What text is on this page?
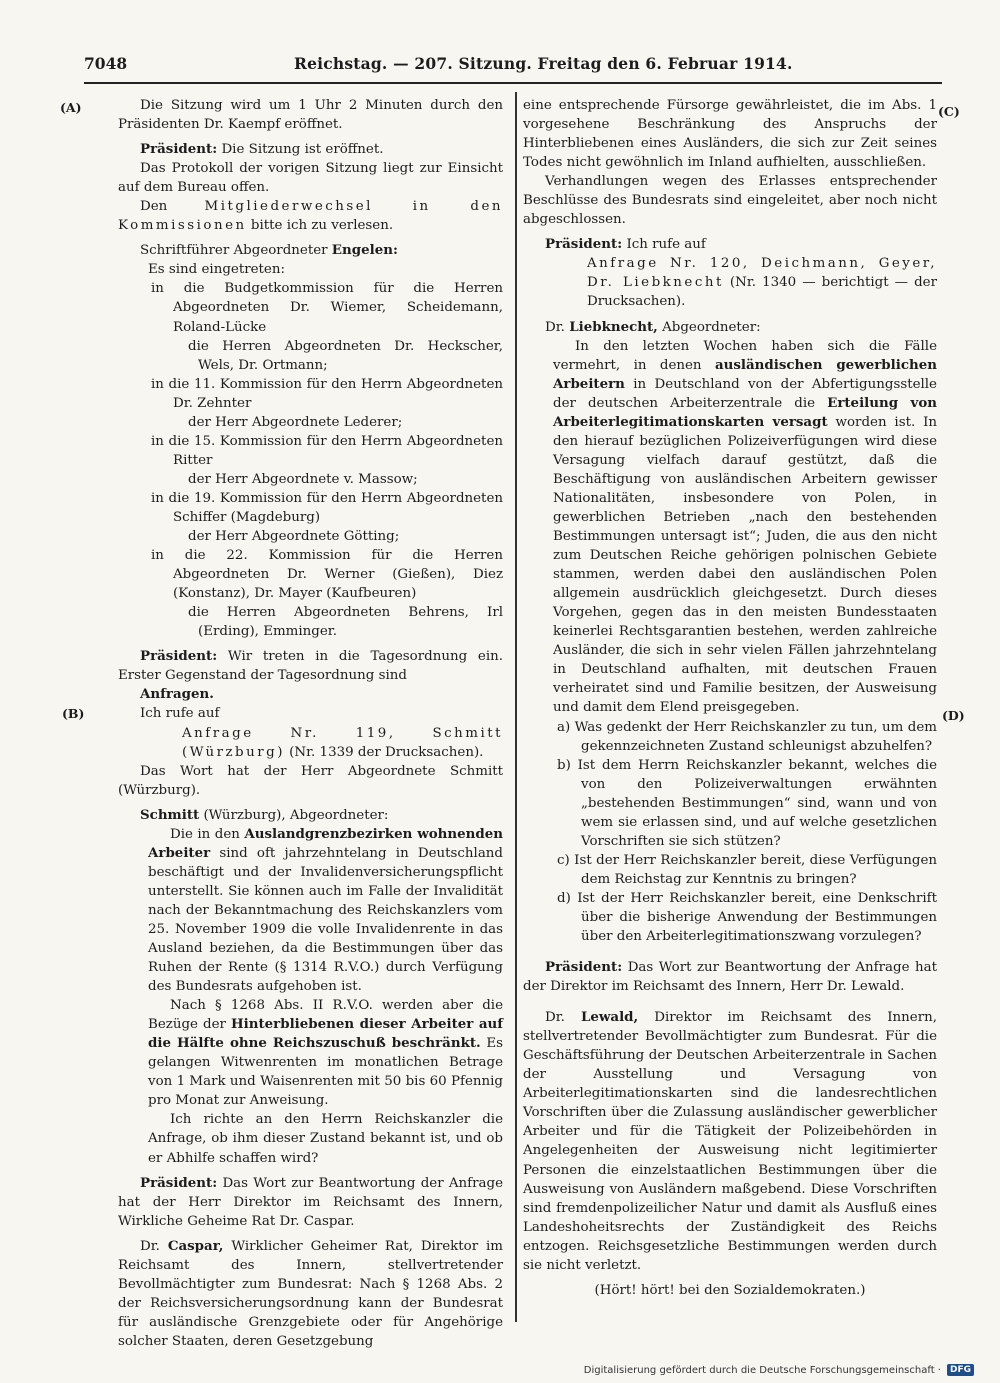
7048	Reichstag. — 207. Sitzung. Freitag den 6. Februar 1914.
(A)
(B)
(C)
(D)

Die Sitzung wird um 1 Uhr 2 Minuten durch den Präsidenten Dr. Kaempf eröffnet.

Präsident: Die Sitzung ist eröffnet.

Das Protokoll der vorigen Sitzung liegt zur Einsicht auf dem Bureau offen.

Den Mitgliederwechsel in den Kommissionen bitte ich zu verlesen.

Schriftführer Abgeordneter Engelen:

Es sind eingetreten:

in die Budgetkommission für die Herren Abgeordneten Dr. Wiemer, Scheidemann, Roland-Lücke

die Herren Abgeordneten Dr. Heckscher, Wels, Dr. Ortmann;

in die 11. Kommission für den Herrn Abgeordneten Dr. Zehnter

der Herr Abgeordnete Lederer;

in die 15. Kommission für den Herrn Abgeordneten Ritter

der Herr Abgeordnete v. Massow;

in die 19. Kommission für den Herrn Abgeordneten Schiffer (Magdeburg)

der Herr Abgeordnete Götting;

in die 22. Kommission für die Herren Abgeordneten Dr. Werner (Gießen), Diez (Konstanz), Dr. Mayer (Kaufbeuren)

die Herren Abgeordneten Behrens, Irl (Erding), Emminger.

Präsident: Wir treten in die Tagesordnung ein. Erster Gegenstand der Tagesordnung sind

Anfragen.

Ich rufe auf

Anfrage Nr. 119, Schmitt (Würzburg) (Nr. 1339 der Drucksachen).

Das Wort hat der Herr Abgeordnete Schmitt (Würzburg).

Schmitt (Würzburg), Abgeordneter:

Die in den Auslandgrenzbezirken wohnenden Arbeiter sind oft jahrzehntelang in Deutschland beschäftigt und der Invalidenversicherungspflicht unterstellt. Sie können auch im Falle der Invalidität nach der Bekanntmachung des Reichskanzlers vom 25. November 1909 die volle Invalidenrente in das Ausland beziehen, da die Bestimmungen über das Ruhen der Rente (§ 1314 R.V.O.) durch Verfügung des Bundesrats aufgehoben ist.

Nach § 1268 Abs. II R.V.O. werden aber die Bezüge der Hinterbliebenen dieser Arbeiter auf die Hälfte ohne Reichszuschuß beschränkt. Es gelangen Witwenrenten im monatlichen Betrage von 1 Mark und Waisenrenten mit 50 bis 60 Pfennig pro Monat zur Anweisung.

Ich richte an den Herrn Reichskanzler die Anfrage, ob ihm dieser Zustand bekannt ist, und ob er Abhilfe schaffen wird?

Präsident: Das Wort zur Beantwortung der Anfrage hat der Herr Direktor im Reichsamt des Innern, Wirkliche Geheime Rat Dr. Caspar.

Dr. Caspar, Wirklicher Geheimer Rat, Direktor im Reichsamt des Innern, stellvertretender Bevollmächtigter zum Bundesrat: Nach § 1268 Abs. 2 der Reichsversicherungsordnung kann der Bundesrat für ausländische Grenzgebiete oder für Angehörige solcher Staaten, deren Gesetzgebung

eine entsprechende Fürsorge gewährleistet, die im Abs. 1 vorgesehene Beschränkung des Anspruchs der Hinterbliebenen eines Ausländers, die sich zur Zeit seines Todes nicht gewöhnlich im Inland aufhielten, ausschließen.

Verhandlungen wegen des Erlasses entsprechender Beschlüsse des Bundesrats sind eingeleitet, aber noch nicht abgeschlossen.

Präsident: Ich rufe auf

Anfrage Nr. 120, Deichmann, Geyer, Dr. Liebknecht (Nr. 1340 — berichtigt — der Drucksachen).

Dr. Liebknecht, Abgeordneter:

In den letzten Wochen haben sich die Fälle vermehrt, in denen ausländischen gewerblichen Arbeitern in Deutschland von der Abfertigungsstelle der deutschen Arbeiterzentrale die Erteilung von Arbeiterlegitimationskarten versagt worden ist. In den hierauf bezüglichen Polizeiverfügungen wird diese Versagung vielfach darauf gestützt, daß die Beschäftigung von ausländischen Arbeitern gewisser Nationalitäten, insbesondere von Polen, in gewerblichen Betrieben „nach den bestehenden Bestimmungen untersagt ist“; Juden, die aus den nicht zum Deutschen Reiche gehörigen polnischen Gebiete stammen, werden dabei den ausländischen Polen allgemein ausdrücklich gleichgesetzt. Durch dieses Vorgehen, gegen das in den meisten Bundesstaaten keinerlei Rechtsgarantien bestehen, werden zahlreiche Ausländer, die sich in sehr vielen Fällen jahrzehntelang in Deutschland aufhalten, mit deutschen Frauen verheiratet sind und Familie besitzen, der Ausweisung und damit dem Elend preisgegeben.

a) Was gedenkt der Herr Reichskanzler zu tun, um dem gekennzeichneten Zustand schleunigst abzuhelfen?

b) Ist dem Herrn Reichskanzler bekannt, welches die von den Polizeiverwaltungen erwähnten „bestehenden Bestimmungen“ sind, wann und von wem sie erlassen sind, und auf welche gesetzlichen Vorschriften sie sich stützen?

c) Ist der Herr Reichskanzler bereit, diese Verfügungen dem Reichstag zur Kenntnis zu bringen?

d) Ist der Herr Reichskanzler bereit, eine Denkschrift über die bisherige Anwendung der Bestimmungen über den Arbeiterlegitimationszwang vorzulegen?

Präsident: Das Wort zur Beantwortung der Anfrage hat der Direktor im Reichsamt des Innern, Herr Dr. Lewald.

Dr. Lewald, Direktor im Reichsamt des Innern, stellvertretender Bevollmächtigter zum Bundesrat. Für die Geschäftsführung der Deutschen Arbeiterzentrale in Sachen der Ausstellung und Versagung von Arbeiterlegitimationskarten sind die landesrechtlichen Vorschriften über die Zulassung ausländischer gewerblicher Arbeiter und für die Tätigkeit der Polizeibehörden in Angelegenheiten der Ausweisung nicht legitimierter Personen die einzelstaatlichen Bestimmungen über die Ausweisung von Ausländern maßgebend. Diese Vorschriften sind fremdenpolizeilicher Natur und damit als Ausfluß eines Landeshoheitsrechts der Zuständigkeit des Reichs entzogen. Reichsgesetzliche Bestimmungen werden durch sie nicht verletzt.

(Hört! hört! bei den Sozialdemokraten.)

Digitalisierung gefördert durch die Deutsche Forschungsgemeinschaft ·	DFG
